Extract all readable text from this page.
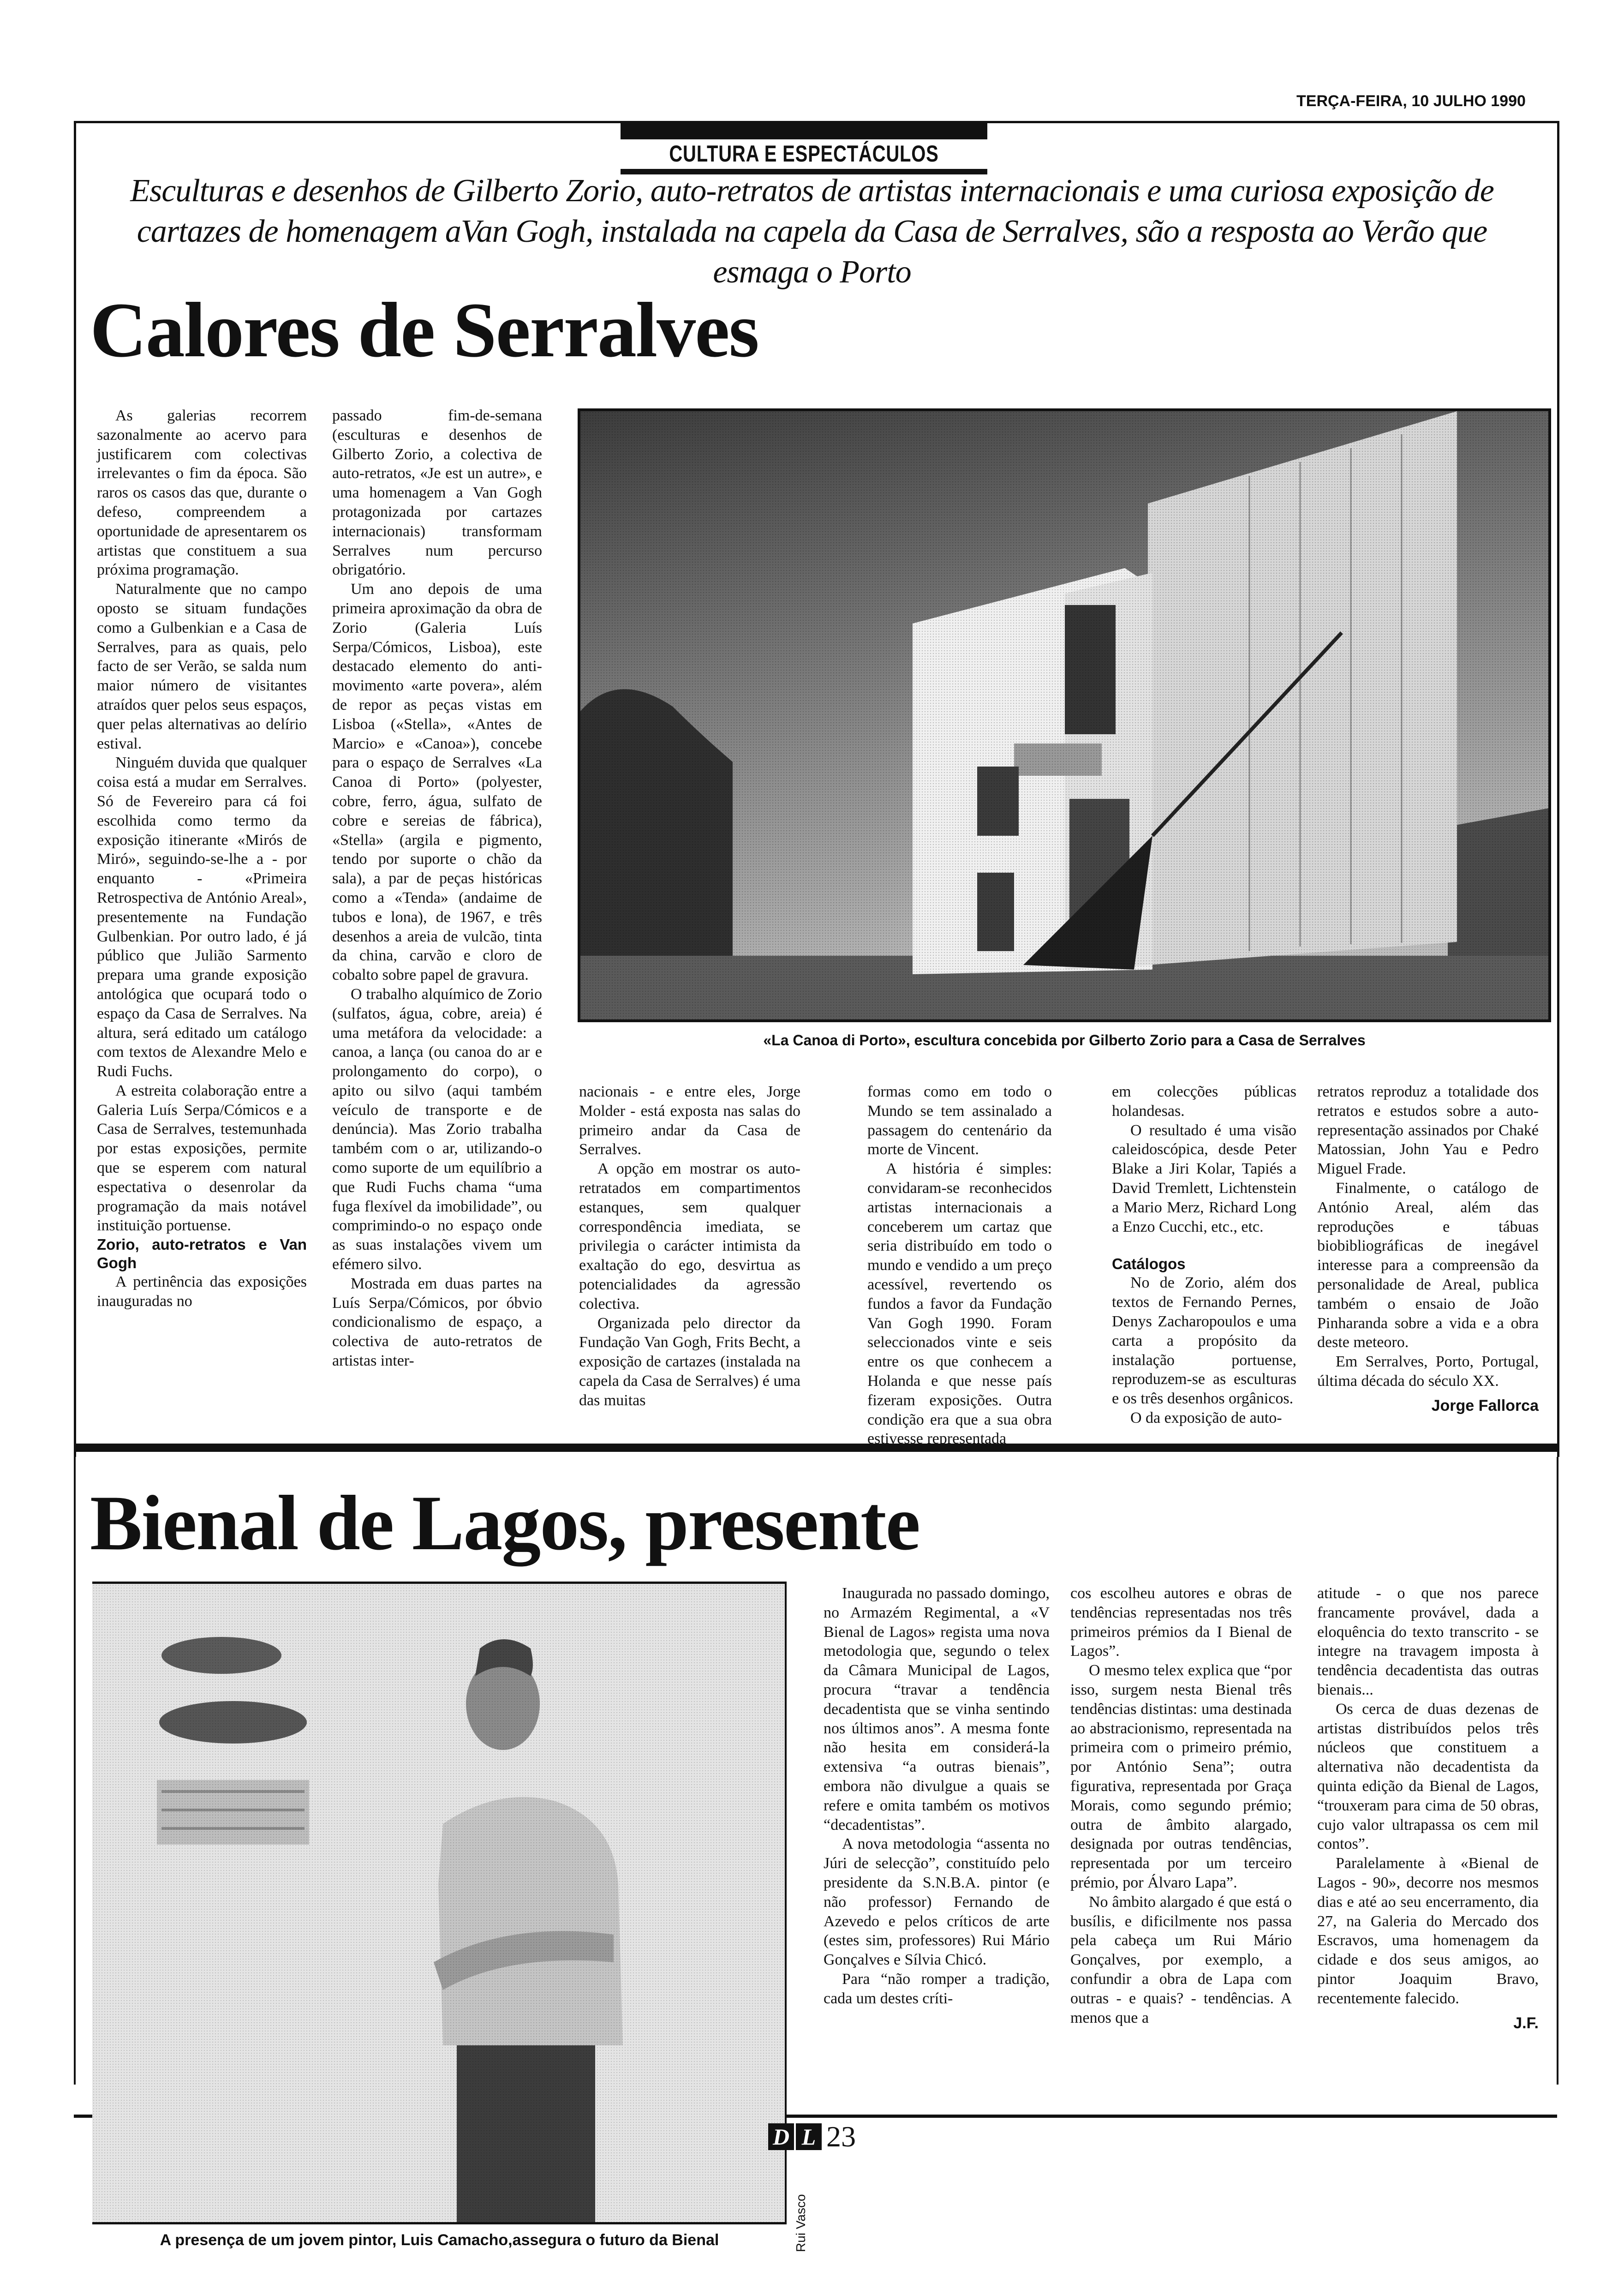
TERÇA-FEIRA, 10 JULHO 1990
CULTURA E ESPECTÁCULOS
Esculturas e desenhos de Gilberto Zorio, auto-retratos de artistas internacionais e uma curiosa exposição de cartazes de homenagem aVan Gogh, instalada na capela da Casa de Serralves, são a resposta ao Verão que esmaga o Porto
Calores de Serralves
«La Canoa di Porto», escultura concebida por Gilberto Zorio para a Casa de Serralves

As galerias recorrem sazonalmente ao acervo para justificarem com colectivas irrelevantes o fim da época. São raros os casos das que, durante o defeso, compreendem a oportunidade de apresentarem os artistas que constituem a sua próxima programação.

Naturalmente que no campo oposto se situam fundações como a Gulbenkian e a Casa de Serralves, para as quais, pelo facto de ser Verão, se salda num maior número de visitantes atraídos quer pelos seus espaços, quer pelas alternativas ao delírio estival.

Ninguém duvida que qualquer coisa está a mudar em Serralves. Só de Fevereiro para cá foi escolhida como termo da exposição itinerante «Mirós de Miró», seguindo-se-lhe a - por enquanto - «Primeira Retrospectiva de António Areal», presentemente na Fundação Gulbenkian. Por outro lado, é já público que Julião Sarmento prepara uma grande exposição antológica que ocupará todo o espaço da Casa de Serralves. Na altura, será editado um catálogo com textos de Alexandre Melo e Rudi Fuchs.

A estreita colaboração entre a Galeria Luís Serpa/Cómicos e a Casa de Serralves, testemunhada por estas exposições, permite que se esperem com natural espectativa o desenrolar da programação da mais notável instituição portuense.

Zorio, auto-retratos e Van Gogh

A pertinência das exposições inauguradas no

passado fim-de-semana (esculturas e desenhos de Gilberto Zorio, a colectiva de auto-retratos, «Je est un autre», e uma homenagem a Van Gogh protagonizada por cartazes internacionais) transformam Serralves num percurso obrigatório.

Um ano depois de uma primeira aproximação da obra de Zorio (Galeria Luís Serpa/Cómicos, Lisboa), este destacado elemento do anti-movimento «arte povera», além de repor as peças vistas em Lisboa («Stella», «Antes de Marcio» e «Canoa»), concebe para o espaço de Serralves «La Canoa di Porto» (polyester, cobre, ferro, água, sulfato de cobre e sereias de fábrica), «Stella» (argila e pigmento, tendo por suporte o chão da sala), a par de peças históricas como a «Tenda» (andaime de tubos e lona), de 1967, e três desenhos a areia de vulcão, tinta da china, carvão e cloro de cobalto sobre papel de gravura.

O trabalho alquímico de Zorio (sulfatos, água, cobre, areia) é uma metáfora da velocidade: a canoa, a lança (ou canoa do ar e prolongamento do corpo), o apito ou silvo (aqui também veículo de transporte e de denúncia). Mas Zorio trabalha também com o ar, utilizando-o como suporte de um equilíbrio a que Rudi Fuchs chama “uma fuga flexível da imobilidade”, ou comprimindo-o no espaço onde as suas instalações vivem um efémero silvo.

Mostrada em duas partes na Luís Serpa/Cómicos, por óbvio condicionalismo de espaço, a colectiva de auto-retratos de artistas inter-

nacionais - e entre eles, Jorge Molder - está exposta nas salas do primeiro andar da Casa de Serralves.

A opção em mostrar os auto-retratados em compartimentos estanques, sem qualquer correspondência imediata, se privilegia o carácter intimista da exaltação do ego, desvirtua as potencialidades da agressão colectiva.

Organizada pelo director da Fundação Van Gogh, Frits Becht, a exposição de cartazes (instalada na capela da Casa de Serralves) é uma das muitas

formas como em todo o Mundo se tem assinalado a passagem do centenário da morte de Vincent.

A história é simples: convidaram-se reconhecidos artistas internacionais a conceberem um cartaz que seria distribuído em todo o mundo e vendido a um preço acessível, revertendo os fundos a favor da Fundação Van Gogh 1990. Foram seleccionados vinte e seis entre os que conhecem a Holanda e que nesse país fizeram exposições. Outra condição era que a sua obra estivesse representada

em colecções públicas holandesas.

O resultado é uma visão caleidoscópica, desde Peter Blake a Jiri Kolar, Tapiés a David Tremlett, Lichtenstein a Mario Merz, Richard Long a Enzo Cucchi, etc., etc.

Catálogos

No de Zorio, além dos textos de Fernando Pernes, Denys Zacharopoulos e uma carta a propósito da instalação portuense, reproduzem-se as esculturas e os três desenhos orgânicos.

O da exposição de auto-

retratos reproduz a totalidade dos retratos e estudos sobre a auto-representação assinados por Chaké Matossian, John Yau e Pedro Miguel Frade.

Finalmente, o catálogo de António Areal, além das reproduções e tábuas biobibliográficas de inegável interesse para a compreensão da personalidade de Areal, publica também o ensaio de João Pinharanda sobre a vida e a obra deste meteoro.

Em Serralves, Porto, Portugal, última década do século XX.

Jorge Fallorca
Bienal de Lagos, presente
Rui Vasco
A presença de um jovem pintor, Luis Camacho,assegura o futuro da Bienal

Inaugurada no passado domingo, no Armazém Regimental, a «V Bienal de Lagos» regista uma nova metodologia que, segundo o telex da Câmara Municipal de Lagos, procura “travar a tendência decadentista que se vinha sentindo nos últimos anos”. A mesma fonte não hesita em considerá-la extensiva “a outras bienais”, embora não divulgue a quais se refere e omita também os motivos “decadentistas”.

A nova metodologia “assenta no Júri de selecção”, constituído pelo presidente da S.N.B.A. pintor (e não professor) Fernando de Azevedo e pelos críticos de arte (estes sim, professores) Rui Mário Gonçalves e Sílvia Chicó.

Para “não romper a tradição, cada um destes críti-

cos escolheu autores e obras de tendências representadas nos três primeiros prémios da I Bienal de Lagos”.

O mesmo telex explica que “por isso, surgem nesta Bienal três tendências distintas: uma destinada ao abstracionismo, representada na primeira com o primeiro prémio, por António Sena”; outra figurativa, representada por Graça Morais, como segundo prémio; outra de âmbito alargado, designada por outras tendências, representada por um terceiro prémio, por Álvaro Lapa”.

No âmbito alargado é que está o busílis, e dificilmente nos passa pela cabeça um Rui Mário Gonçalves, por exemplo, a confundir a obra de Lapa com outras - e quais? - tendências. A menos que a

atitude - o que nos parece francamente provável, dada a eloquência do texto transcrito - se integre na travagem imposta à tendência decadentista das outras bienais...

Os cerca de duas dezenas de artistas distribuídos pelos três núcleos que constituem a alternativa não decadentista da quinta edição da Bienal de Lagos, “trouxeram para cima de 50 obras, cujo valor ultrapassa os cem mil contos”.

Paralelamente à «Bienal de Lagos - 90», decorre nos mesmos dias e até ao seu encerramento, dia 27, na Galeria do Mercado dos Escravos, uma homenagem da cidade e dos seus amigos, ao pintor Joaquim Bravo, recentemente falecido.

J.F.
D L 23
